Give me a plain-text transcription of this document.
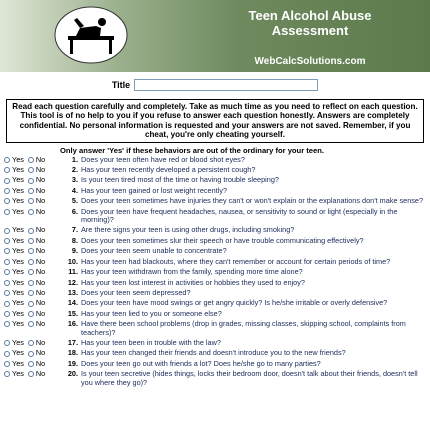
Teen Alcohol Abuse
Assessment
WebCalcSolutions.com
Title
Read each question carefully and completely. Take as much time as you need to reflect on each question. This tool is of no help to you if you refuse to answer each question honestly. Answers are completely confidential. No personal information is requested and your answers are not saved. Remember, if you cheat, you're only cheating yourself.
Only answer 'Yes' if these behaviors are out of the ordinary for your teen.
Yes No	1. Does your teen often have red or blood shot eyes?
Yes No	2. Has your teen recently developed a persistent cough?
Yes No	3. Is your teen tired most of the time or having trouble sleeping?
Yes No	4. Has your teen gained or lost weight recently?
Yes No	5. Does your teen sometimes have injuries they can't or won't explain or the explanations don't make sense?
Yes No	6. Does your teen have frequent headaches, nausea, or sensitivity to sound or light (especially in the morning)?
Yes No	7. Are there signs your teen is using other drugs, including smoking?
Yes No	8. Does your teen sometimes slur their speech or have trouble communicating effectively?
Yes No	9. Does your teen seem unable to concentrate?
Yes No	10. Has your teen had blackouts, where they can't remember or account for certain periods of time?
Yes No	11. Has your teen withdrawn from the family, spending more time alone?
Yes No	12. Has your teen lost interest in activities or hobbies they used to enjoy?
Yes No	13. Does your teen seem depressed?
Yes No	14. Does your teen have mood swings or get angry quickly? Is he/she irritable or overly defensive?
Yes No	15. Has your teen lied to you or someone else?
Yes No	16. Have there been school problems (drop in grades, missing classes, skipping school, complaints from teachers)?
Yes No	17. Has your teen been in trouble with the law?
Yes No	18. Has your teen changed their friends and doesn't introduce you to the new friends?
Yes No	19. Does your teen go out with friends a lot? Does he/she go to many parties?
Yes No	20. Is your teen secretive (hides things, locks their bedroom door, doesn't talk about their friends, doesn't tell you where they go)?
